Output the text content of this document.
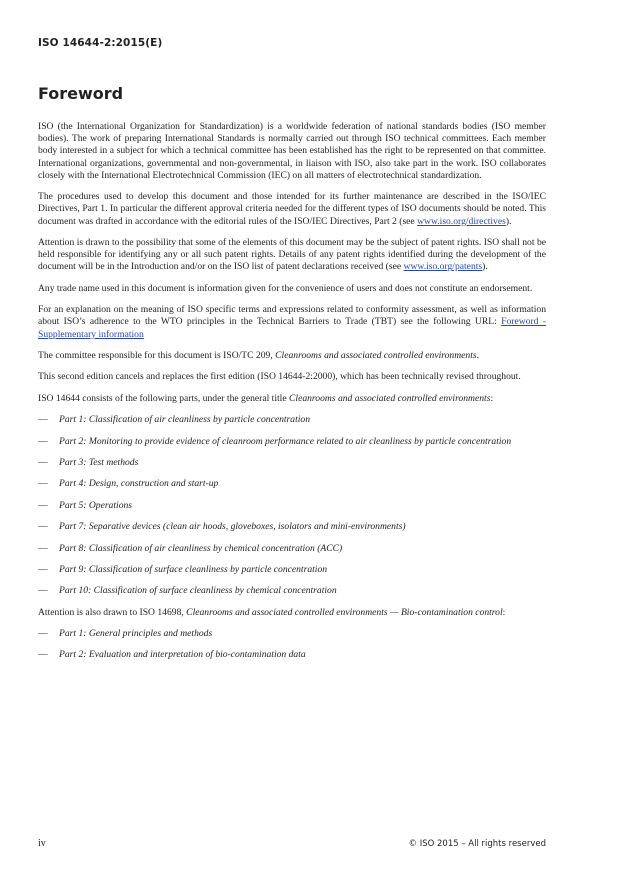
ISO 14644-2:2015(E)
Foreword

ISO (the International Organization for Standardization) is a worldwide federation of national standards bodies (ISO member bodies). The work of preparing International Standards is normally carried out through ISO technical committees. Each member body interested in a subject for which a technical committee has been established has the right to be represented on that committee. International organizations, governmental and non-governmental, in liaison with ISO, also take part in the work. ISO collaborates closely with the International Electrotechnical Commission (IEC) on all matters of electrotechnical standardization.

The procedures used to develop this document and those intended for its further maintenance are described in the ISO/IEC Directives, Part 1. In particular the different approval criteria needed for the different types of ISO documents should be noted. This document was drafted in accordance with the editorial rules of the ISO/IEC Directives, Part 2 (see www.iso.org/directives).

Attention is drawn to the possibility that some of the elements of this document may be the subject of patent rights. ISO shall not be held responsible for identifying any or all such patent rights. Details of any patent rights identified during the development of the document will be in the Introduction and/or on the ISO list of patent declarations received (see www.iso.org/patents).

Any trade name used in this document is information given for the convenience of users and does not constitute an endorsement.

For an explanation on the meaning of ISO specific terms and expressions related to conformity assessment, as well as information about ISO’s adherence to the WTO principles in the Technical Barriers to Trade (TBT) see the following URL: Foreword - Supplementary information

The committee responsible for this document is ISO/TC 209, Cleanrooms and associated controlled environments.

This second edition cancels and replaces the first edition (ISO 14644-2:2000), which has been technically revised throughout.

ISO 14644 consists of the following parts, under the general title Cleanrooms and associated controlled environments:

—	Part 1: Classification of air cleanliness by particle concentration
—	Part 2: Monitoring to provide evidence of cleanroom performance related to air cleanliness by particle concentration
—	Part 3: Test methods
—	Part 4: Design, construction and start-up
—	Part 5: Operations
—	Part 7: Separative devices (clean air hoods, gloveboxes, isolators and mini-environments)
—	Part 8: Classification of air cleanliness by chemical concentration (ACC)
—	Part 9: Classification of surface cleanliness by particle concentration
—	Part 10: Classification of surface cleanliness by chemical concentration

Attention is also drawn to ISO 14698, Cleanrooms and associated controlled environments — Bio-contamination control:

—	Part 1: General principles and methods
—	Part 2: Evaluation and interpretation of bio-contamination data
iv	© ISO 2015 – All rights reserved
